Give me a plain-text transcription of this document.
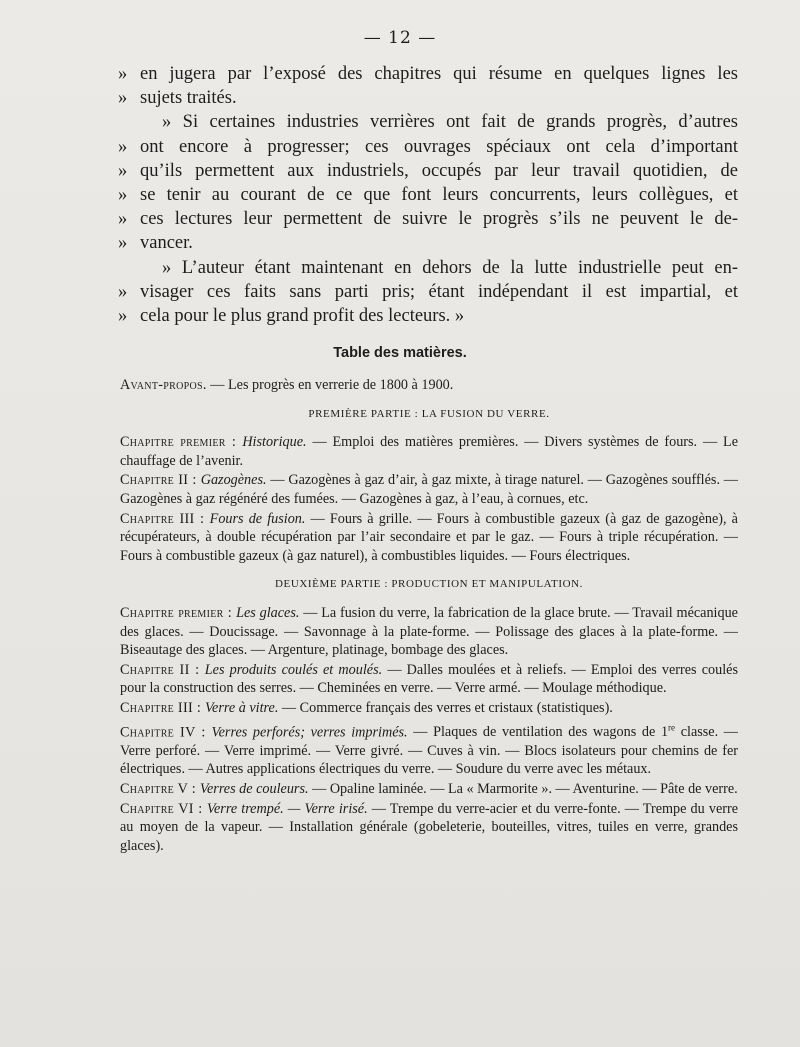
— 12 —
» en jugera par l’exposé des chapitres qui résume en quelques lignes les
» sujets traités.
» Si certaines industries verrières ont fait de grands progrès, d’autres
» ont encore à progresser; ces ouvrages spéciaux ont cela d’important
» qu’ils permettent aux industriels, occupés par leur travail quotidien, de
» se tenir au courant de ce que font leurs concurrents, leurs collègues, et
» ces lectures leur permettent de suivre le progrès s’ils ne peuvent le de-
» vancer.
» L’auteur étant maintenant en dehors de la lutte industrielle peut en-
» visager ces faits sans parti pris; étant indépendant il est impartial, et
» cela pour le plus grand profit des lecteurs. »
Table des matières.
Avant-propos. — Les progrès en verrerie de 1800 à 1900.
PREMIÈRE PARTIE : LA FUSION DU VERRE.
Chapitre premier : Historique. — Emploi des matières premières. — Divers systèmes de fours. — Le chauffage de l’avenir.
Chapitre II : Gazogènes. — Gazogènes à gaz d’air, à gaz mixte, à tirage naturel. — Gazogènes soufflés. — Gazogènes à gaz régénéré des fumées. — Gazogènes à gaz, à l’eau, à cornues, etc.
Chapitre III : Fours de fusion. — Fours à grille. — Fours à combustible gazeux (à gaz de gazogène), à récupérateurs, à double récupération par l’air secondaire et par le gaz. — Fours à triple récupération. — Fours à combustible gazeux (à gaz naturel), à combustibles liquides. — Fours électriques.
DEUXIÈME PARTIE : PRODUCTION ET MANIPULATION.
Chapitre premier : Les glaces. — La fusion du verre, la fabrication de la glace brute. — Travail mécanique des glaces. — Doucissage. — Savonnage à la plate-forme. — Polissage des glaces à la plate-forme. — Biseautage des glaces. — Argenture, platinage, bombage des glaces.
Chapitre II : Les produits coulés et moulés. — Dalles moulées et à reliefs. — Emploi des verres coulés pour la construction des serres. — Cheminées en verre. — Verre armé. — Moulage méthodique.
Chapitre III : Verre à vitre. — Commerce français des verres et cristaux (statistiques).
Chapitre IV : Verres perforés; verres imprimés. — Plaques de ventilation des wagons de 1re classe. — Verre perforé. — Verre imprimé. — Verre givré. — Cuves à vin. — Blocs isolateurs pour chemins de fer électriques. — Autres applications électriques du verre. — Soudure du verre avec les métaux.
Chapitre V : Verres de couleurs. — Opaline laminée. — La « Marmorite ». — Aventurine. — Pâte de verre.
Chapitre VI : Verre trempé. — Verre irisé. — Trempe du verre-acier et du verre-fonte. — Trempe du verre au moyen de la vapeur. — Installation générale (gobeleterie, bouteilles, vitres, tuiles en verre, grandes glaces).
